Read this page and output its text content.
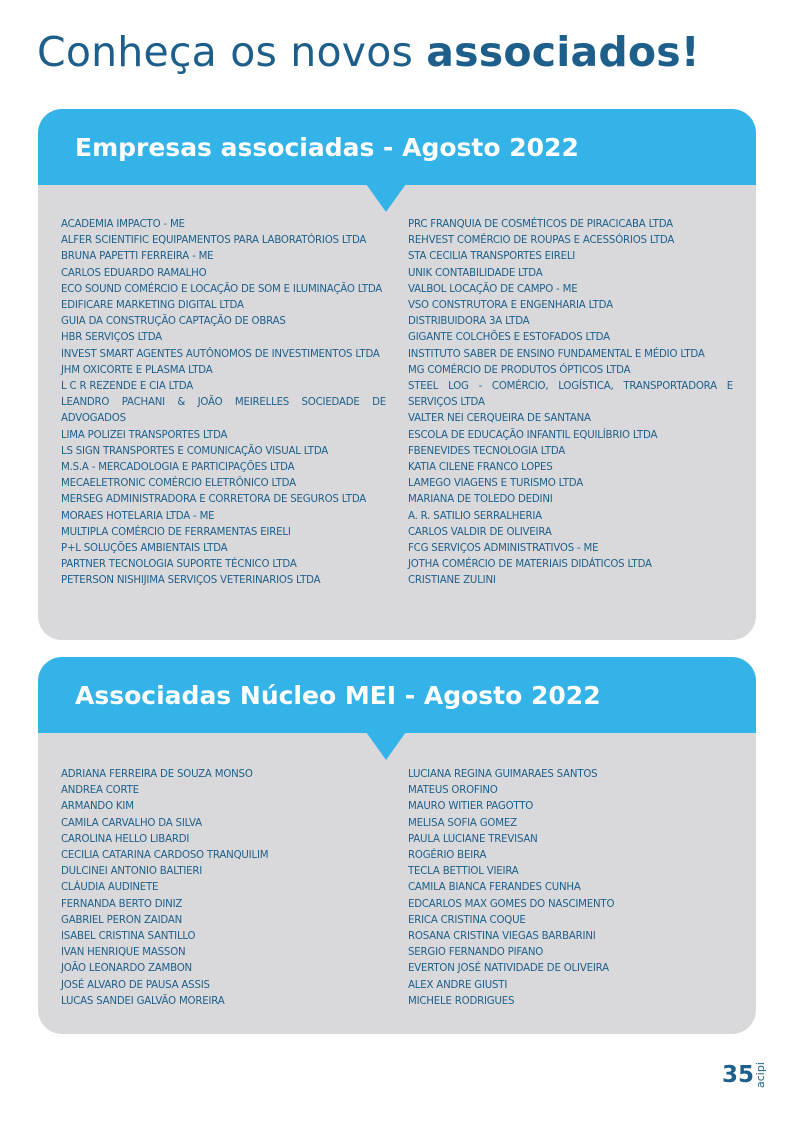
Conheça os novos associados!
Empresas associadas - Agosto 2022
ACADEMIA IMPACTO - ME
ALFER SCIENTIFIC EQUIPAMENTOS PARA LABORATÓRIOS LTDA
BRUNA PAPETTI FERREIRA - ME
CARLOS EDUARDO RAMALHO
ECO SOUND COMÉRCIO E LOCAÇÃO DE SOM E ILUMINAÇÃO LTDA
EDIFICARE MARKETING DIGITAL LTDA
GUIA DA CONSTRUÇÃO CAPTAÇÃO DE OBRAS
HBR SERVIÇOS LTDA
INVEST SMART AGENTES AUTÔNOMOS DE INVESTIMENTOS LTDA
JHM OXICORTE E PLASMA LTDA
L C R REZENDE E CIA LTDA
LEANDRO PACHANI & JOÃO MEIRELLES SOCIEDADE DE ADVOGADOS
LIMA POLIZEI TRANSPORTES LTDA
LS SIGN TRANSPORTES E COMUNICAÇÃO VISUAL LTDA
M.S.A - MERCADOLOGIA E PARTICIPAÇÕES LTDA
MECAELETRONIC COMÉRCIO ELETRÔNICO LTDA
MERSEG ADMINISTRADORA E CORRETORA DE SEGUROS LTDA
MORAES HOTELARIA LTDA - ME
MULTIPLA COMÉRCIO DE FERRAMENTAS EIRELI
P+L SOLUÇÕES AMBIENTAIS LTDA
PARTNER TECNOLOGIA SUPORTE TÉCNICO LTDA
PETERSON NISHIJIMA SERVIÇOS VETERINARIOS LTDA
PRC FRANQUIA DE COSMÉTICOS DE PIRACICABA LTDA
REHVEST COMÉRCIO DE ROUPAS E ACESSÓRIOS LTDA
STA CECILIA TRANSPORTES EIRELI
UNIK CONTABILIDADE LTDA
VALBOL LOCAÇÃO DE CAMPO - ME
VSO CONSTRUTORA E ENGENHARIA LTDA
DISTRIBUIDORA 3A LTDA
GIGANTE COLCHÕES E ESTOFADOS LTDA
INSTITUTO SABER DE ENSINO FUNDAMENTAL E MÉDIO LTDA
MG COMÉRCIO DE PRODUTOS ÓPTICOS LTDA
STEEL LOG - COMÉRCIO, LOGÍSTICA, TRANSPORTADORA E SERVIÇOS LTDA
VALTER NEI CERQUEIRA DE SANTANA
ESCOLA DE EDUCAÇÃO INFANTIL EQUILÍBRIO LTDA
FBENEVIDES TECNOLOGIA LTDA
KATIA CILENE FRANCO LOPES
LAMEGO VIAGENS E TURISMO LTDA
MARIANA DE TOLEDO DEDINI
A. R. SATILIO SERRALHERIA
CARLOS VALDIR DE OLIVEIRA
FCG SERVIÇOS ADMINISTRATIVOS - ME
JOTHA COMÉRCIO DE MATERIAIS DIDÁTICOS LTDA
CRISTIANE ZULINI
Associadas Núcleo MEI - Agosto 2022
ADRIANA FERREIRA DE SOUZA MONSO
ANDREA CORTE
ARMANDO KIM
CAMILA CARVALHO DA SILVA
CAROLINA HELLO LIBARDI
CECILIA CATARINA CARDOSO TRANQUILIM
DULCINEI ANTONIO BALTIERI
CLÁUDIA AUDINETE
FERNANDA BERTO DINIZ
GABRIEL PERON ZAIDAN
ISABEL CRISTINA SANTILLO
IVAN HENRIQUE MASSON
JOÃO LEONARDO ZAMBON
JOSÉ ALVARO DE PAUSA ASSIS
LUCAS SANDEI GALVÃO MOREIRA
LUCIANA REGINA GUIMARAES SANTOS
MATEUS OROFINO
MAURO WITIER PAGOTTO
MELISA SOFIA GOMEZ
PAULA LUCIANE TREVISAN
ROGÉRIO BEIRA
TECLA BETTIOL VIEIRA
CAMILA BIANCA FERANDES CUNHA
EDCARLOS MAX GOMES DO NASCIMENTO
ERICA CRISTINA COQUE
ROSANA CRISTINA VIEGAS BARBARINI
SERGIO FERNANDO PIFANO
EVERTON JOSÉ NATIVIDADE DE OLIVEIRA
ALEX ANDRE GIUSTI
MICHELE RODRIGUES
35 acipi
